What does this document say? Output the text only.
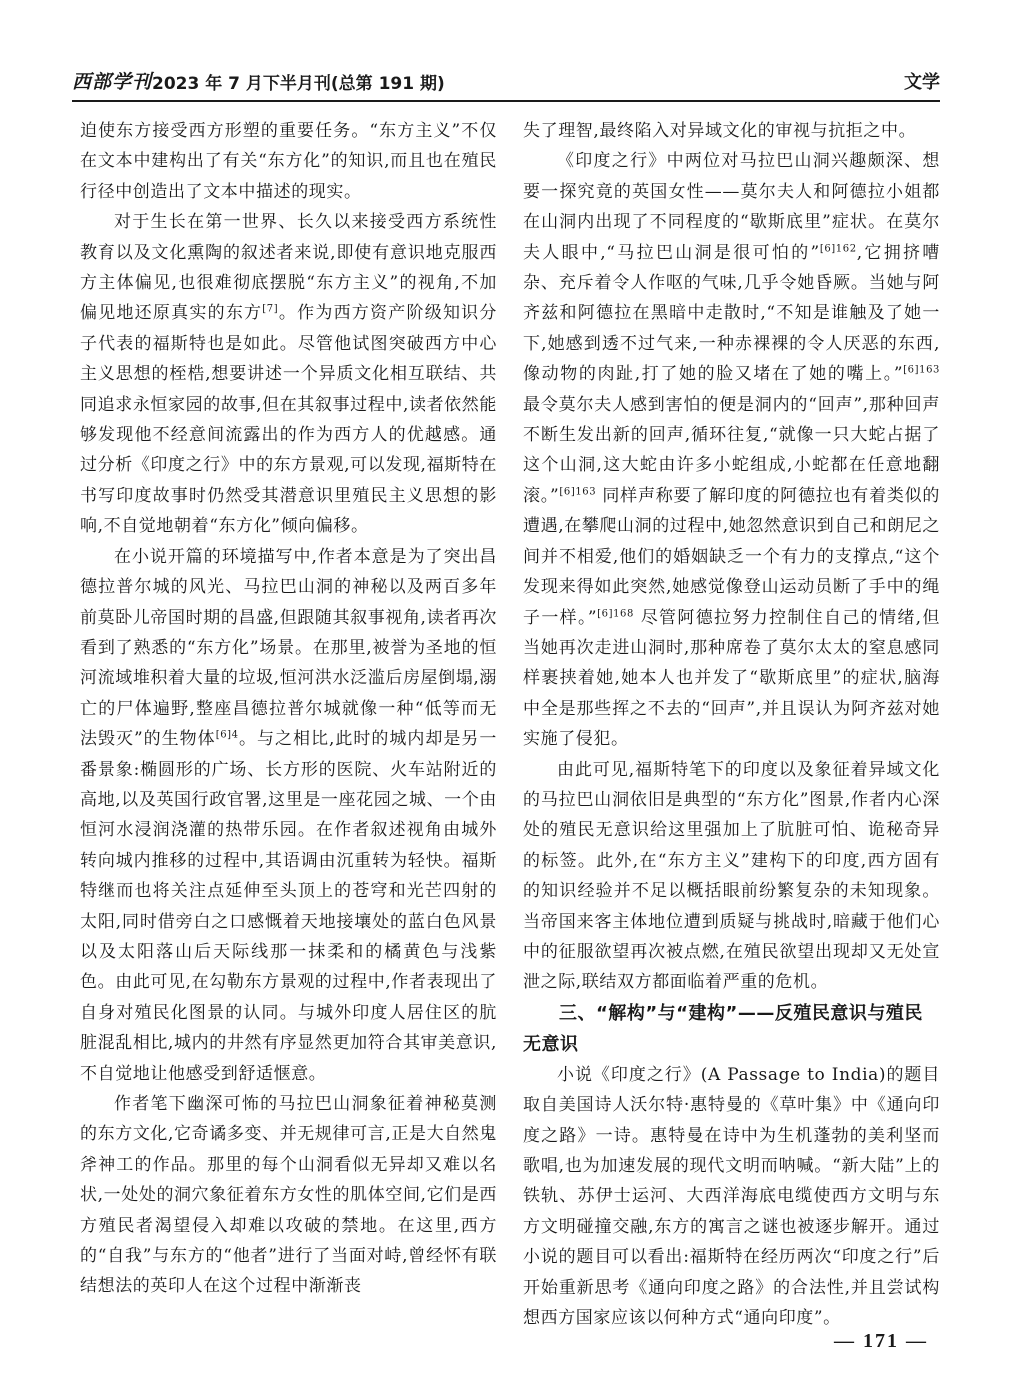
西部学刊 2023 年 7 月下半月刊(总第 191 期)	文学

迫使东方接受西方形塑的重要任务。“东方主义”不仅在文本中建构出了有关“东方化”的知识,而且也在殖民行径中创造出了文本中描述的现实。

对于生长在第一世界、长久以来接受西方系统性教育以及文化熏陶的叙述者来说,即使有意识地克服西方主体偏见,也很难彻底摆脱“东方主义”的视角,不加偏见地还原真实的东方[7]。作为西方资产阶级知识分子代表的福斯特也是如此。尽管他试图突破西方中心主义思想的桎梏,想要讲述一个异质文化相互联结、共同追求永恒家园的故事,但在其叙事过程中,读者依然能够发现他不经意间流露出的作为西方人的优越感。通过分析《印度之行》中的东方景观,可以发现,福斯特在书写印度故事时仍然受其潜意识里殖民主义思想的影响,不自觉地朝着“东方化”倾向偏移。

在小说开篇的环境描写中,作者本意是为了突出昌德拉普尔城的风光、马拉巴山洞的神秘以及两百多年前莫卧儿帝国时期的昌盛,但跟随其叙事视角,读者再次看到了熟悉的“东方化”场景。在那里,被誉为圣地的恒河流域堆积着大量的垃圾,恒河洪水泛滥后房屋倒塌,溺亡的尸体遍野,整座昌德拉普尔城就像一种“低等而无法毁灭”的生物体$^{[6]4}$。与之相比,此时的城内却是另一番景象:椭圆形的广场、长方形的医院、火车站附近的高地,以及英国行政官署,这里是一座花园之城、一个由恒河水浸润浇灌的热带乐园。在作者叙述视角由城外转向城内推移的过程中,其语调由沉重转为轻快。福斯特继而也将关注点延伸至头顶上的苍穹和光芒四射的太阳,同时借旁白之口感慨着天地接壤处的蓝白色风景以及太阳落山后天际线那一抹柔和的橘黄色与浅紫色。由此可见,在勾勒东方景观的过程中,作者表现出了自身对殖民化图景的认同。与城外印度人居住区的肮脏混乱相比,城内的井然有序显然更加符合其审美意识,不自觉地让他感受到舒适惬意。

作者笔下幽深可怖的马拉巴山洞象征着神秘莫测的东方文化,它奇谲多变、并无规律可言,正是大自然鬼斧神工的作品。那里的每个山洞看似无异却又难以名状,一处处的洞穴象征着东方女性的肌体空间,它们是西方殖民者渴望侵入却难以攻破的禁地。在这里,西方的“自我”与东方的“他者”进行了当面对峙,曾经怀有联结想法的英印人在这个过程中渐渐丧

失了理智,最终陷入对异域文化的审视与抗拒之中。

《印度之行》中两位对马拉巴山洞兴趣颇深、想要一探究竟的英国女性——莫尔夫人和阿德拉小姐都在山洞内出现了不同程度的“歇斯底里”症状。在莫尔夫人眼中,“马拉巴山洞是很可怕的”$^{[6]162}$,它拥挤嘈杂、充斥着令人作呕的气味,几乎令她昏厥。当她与阿齐兹和阿德拉在黑暗中走散时,“不知是谁触及了她一下,她感到透不过气来,一种赤裸裸的令人厌恶的东西,像动物的肉趾,打了她的脸又堵在了她的嘴上。”$^{[6]163}$ 最令莫尔夫人感到害怕的便是洞内的“回声”,那种回声不断生发出新的回声,循环往复,“就像一只大蛇占据了这个山洞,这大蛇由许多小蛇组成,小蛇都在任意地翻滚。”$^{[6]163}$ 同样声称要了解印度的阿德拉也有着类似的遭遇,在攀爬山洞的过程中,她忽然意识到自己和朗尼之间并不相爱,他们的婚姻缺乏一个有力的支撑点,“这个发现来得如此突然,她感觉像登山运动员断了手中的绳子一样。”$^{[6]168}$ 尽管阿德拉努力控制住自己的情绪,但当她再次走进山洞时,那种席卷了莫尔太太的窒息感同样裹挟着她,她本人也并发了“歇斯底里”的症状,脑海中全是那些挥之不去的“回声”,并且误认为阿齐兹对她实施了侵犯。

由此可见,福斯特笔下的印度以及象征着异域文化的马拉巴山洞依旧是典型的“东方化”图景,作者内心深处的殖民无意识给这里强加上了肮脏可怕、诡秘奇异的标签。此外,在“东方主义”建构下的印度,西方固有的知识经验并不足以概括眼前纷繁复杂的未知现象。当帝国来客主体地位遭到质疑与挑战时,暗藏于他们心中的征服欲望再次被点燃,在殖民欲望出现却又无处宣泄之际,联结双方都面临着严重的危机。

三、“解构”与“建构”——反殖民意识与殖民无意识

小说《印度之行》(A Passage to India)的题目取自美国诗人沃尔特·惠特曼的《草叶集》中《通向印度之路》一诗。惠特曼在诗中为生机蓬勃的美利坚而歌唱,也为加速发展的现代文明而呐喊。“新大陆”上的铁轨、苏伊士运河、大西洋海底电缆使西方文明与东方文明碰撞交融,东方的寓言之谜也被逐步解开。通过小说的题目可以看出:福斯特在经历两次“印度之行”后开始重新思考《通向印度之路》的合法性,并且尝试构想西方国家应该以何种方式“通向印度”。

— 171 —
